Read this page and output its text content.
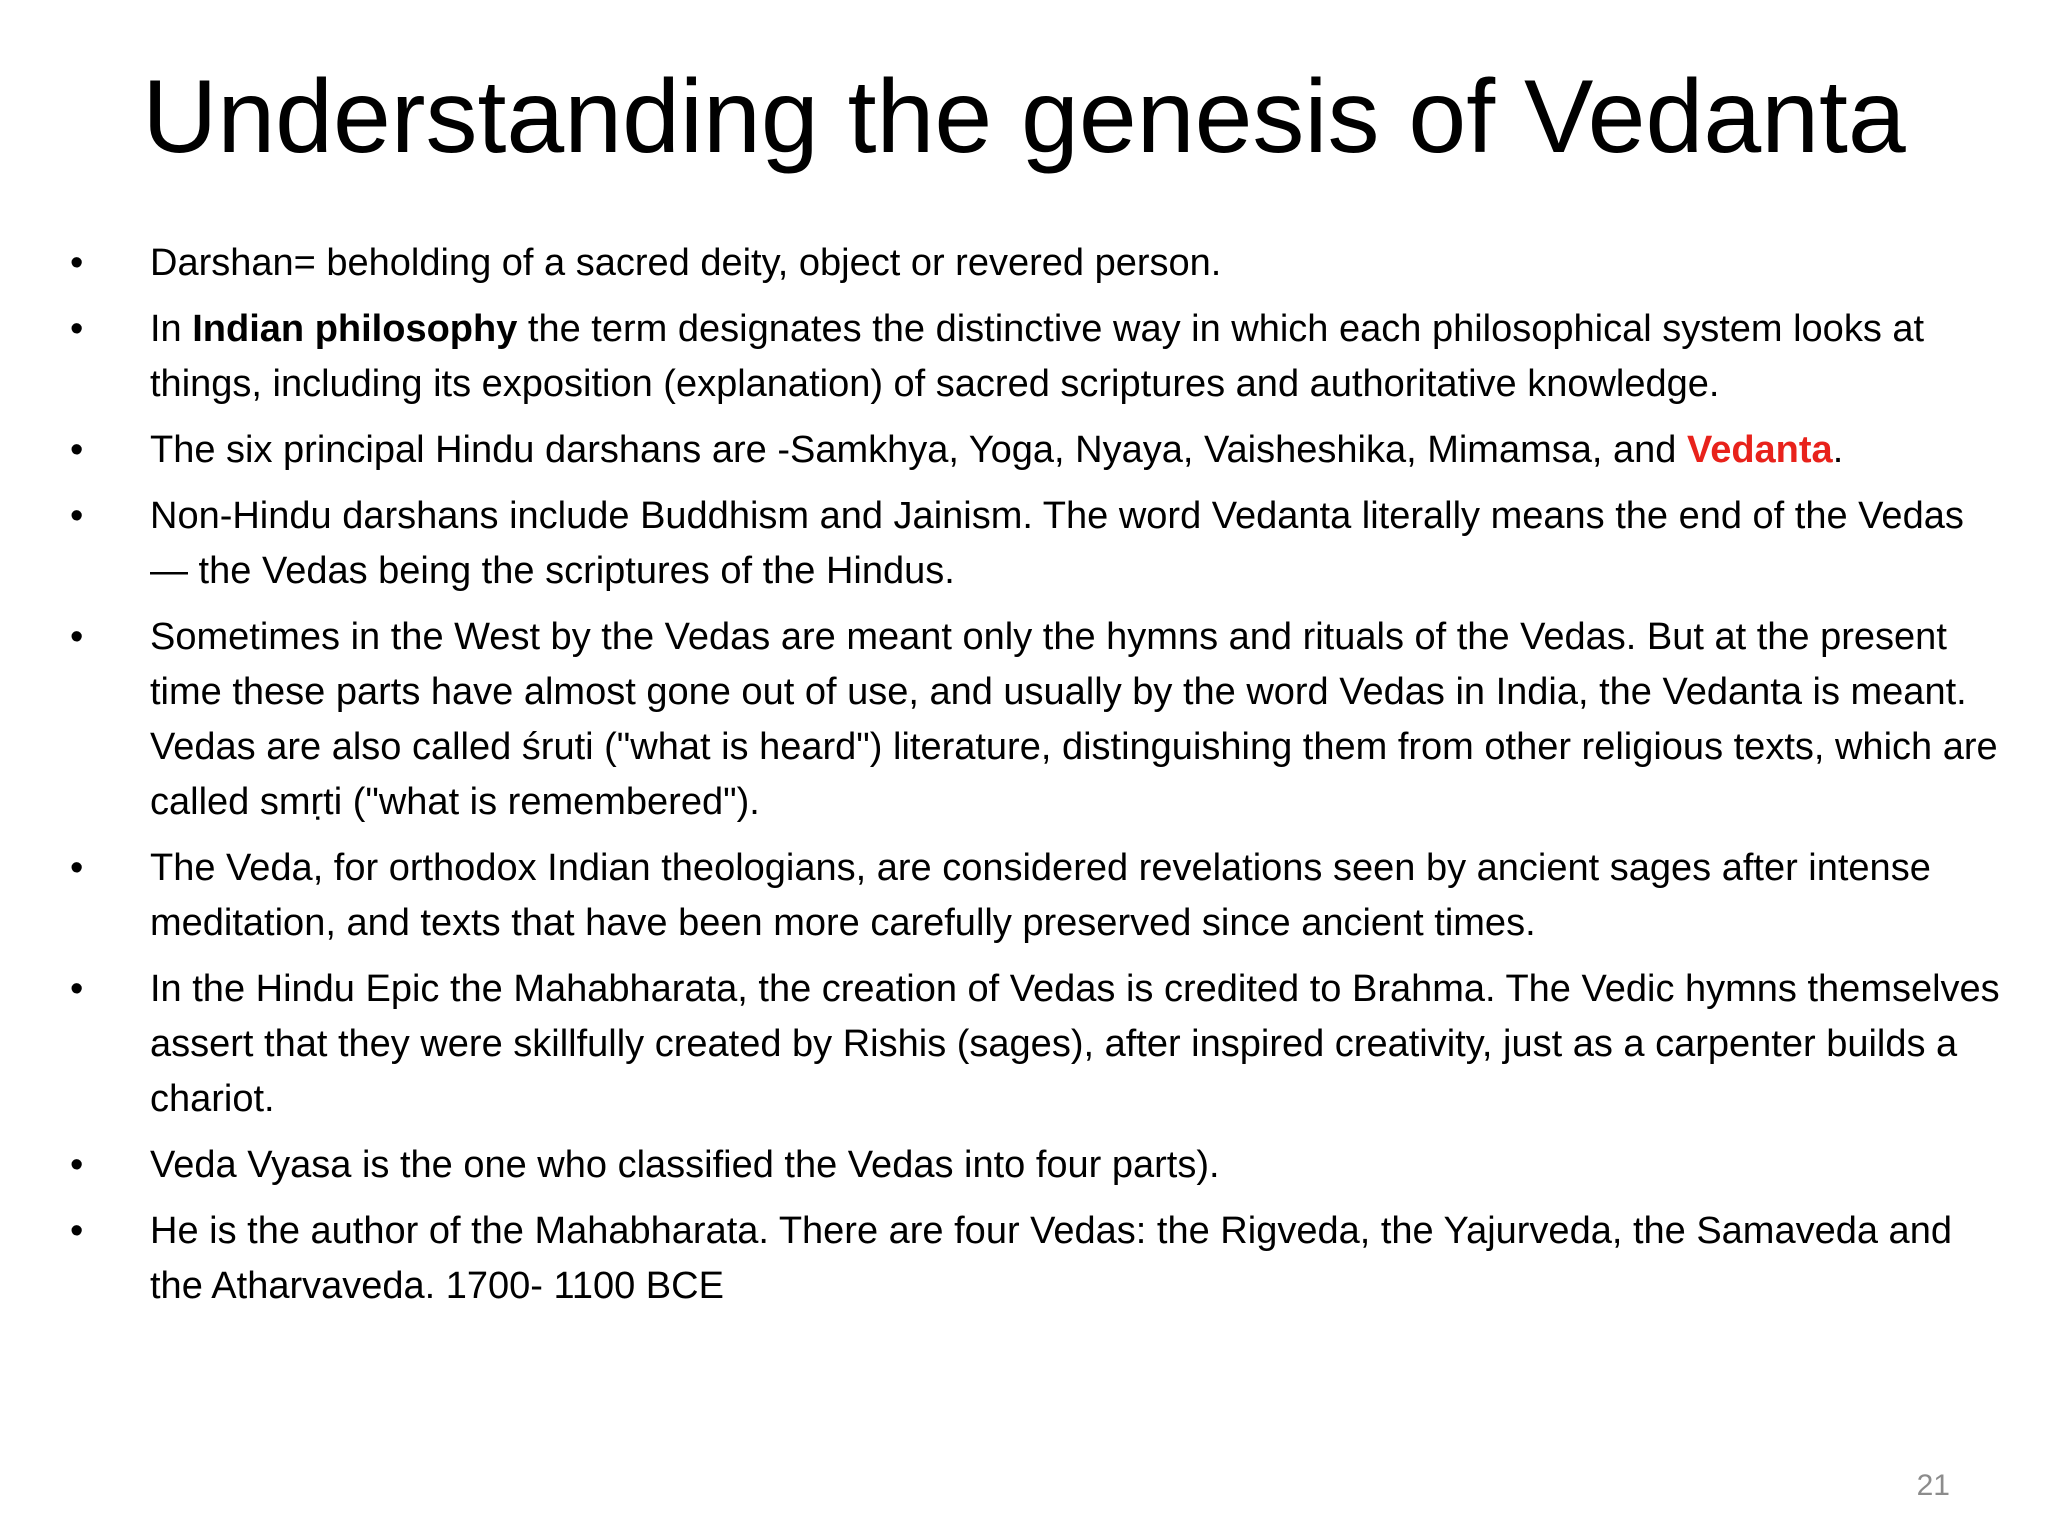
Understanding the genesis of Vedanta
•	Darshan= beholding of a sacred deity, object or revered person.
•	In Indian philosophy the term designates the distinctive way in which each philosophical system looks at things, including its exposition (explanation) of sacred scriptures and authoritative knowledge.
•	The six principal Hindu darshans are -Samkhya, Yoga, Nyaya, Vaisheshika, Mimamsa, and Vedanta.
•	Non-Hindu darshans include Buddhism and Jainism. The word Vedanta literally means the end of the Vedas — the Vedas being the scriptures of the Hindus.
•	Sometimes in the West by the Vedas are meant only the hymns and rituals of the Vedas. But at the present time these parts have almost gone out of use, and usually by the word Vedas in India, the Vedanta is meant. Vedas are also called śruti ("what is heard") literature, distinguishing them from other religious texts, which are called smṛti ("what is remembered").
•	The Veda, for orthodox Indian theologians, are considered revelations seen by ancient sages after intense meditation, and texts that have been more carefully preserved since ancient times.
•	In the Hindu Epic the Mahabharata, the creation of Vedas is credited to Brahma. The Vedic hymns themselves assert that they were skillfully created by Rishis (sages), after inspired creativity, just as a carpenter builds a chariot.
•	Veda Vyasa is the one who classified the Vedas into four parts).
•	He is the author of the Mahabharata. There are four Vedas: the Rigveda, the Yajurveda, the Samaveda and the Atharvaveda. 1700- 1100 BCE
21
